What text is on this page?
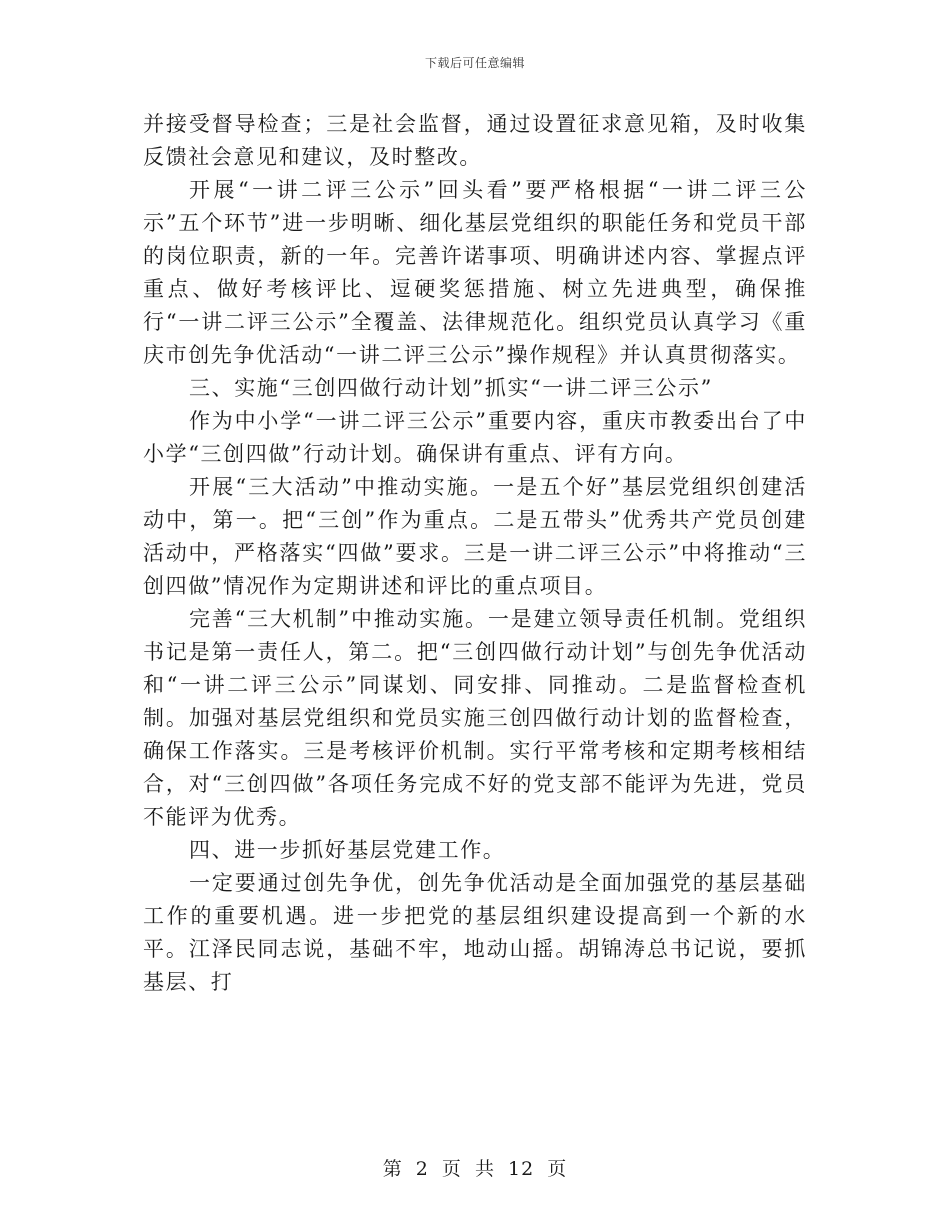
下载后可任意编辑

并接受督导检查；三是社会监督，通过设置征求意见箱，及时收集反馈社会意见和建议，及时整改。

开展“一讲二评三公示”回头看”要严格根据“一讲二评三公示”五个环节”进一步明晰、细化基层党组织的职能任务和党员干部的岗位职责，新的一年。完善许诺事项、明确讲述内容、掌握点评重点、做好考核评比、逗硬奖惩措施、树立先进典型，确保推行“一讲二评三公示”全覆盖、法律规范化。组织党员认真学习《重庆市创先争优活动“一讲二评三公示”操作规程》并认真贯彻落实。

三、实施“三创四做行动计划”抓实“一讲二评三公示”

作为中小学“一讲二评三公示”重要内容，重庆市教委出台了中小学“三创四做”行动计划。确保讲有重点、评有方向。

开展“三大活动”中推动实施。一是五个好”基层党组织创建活动中，第一。把“三创”作为重点。二是五带头”优秀共产党员创建活动中，严格落实“四做”要求。三是一讲二评三公示”中将推动“三创四做”情况作为定期讲述和评比的重点项目。

完善“三大机制”中推动实施。一是建立领导责任机制。党组织书记是第一责任人，第二。把“三创四做行动计划”与创先争优活动和“一讲二评三公示”同谋划、同安排、同推动。二是监督检查机制。加强对基层党组织和党员实施三创四做行动计划的监督检查，确保工作落实。三是考核评价机制。实行平常考核和定期考核相结合，对“三创四做”各项任务完成不好的党支部不能评为先进，党员不能评为优秀。

四、进一步抓好基层党建工作。

一定要通过创先争优，创先争优活动是全面加强党的基层基础工作的重要机遇。进一步把党的基层组织建设提高到一个新的水平。江泽民同志说，基础不牢，地动山摇。胡锦涛总书记说，要抓基层、打

第 2 页 共 12 页
